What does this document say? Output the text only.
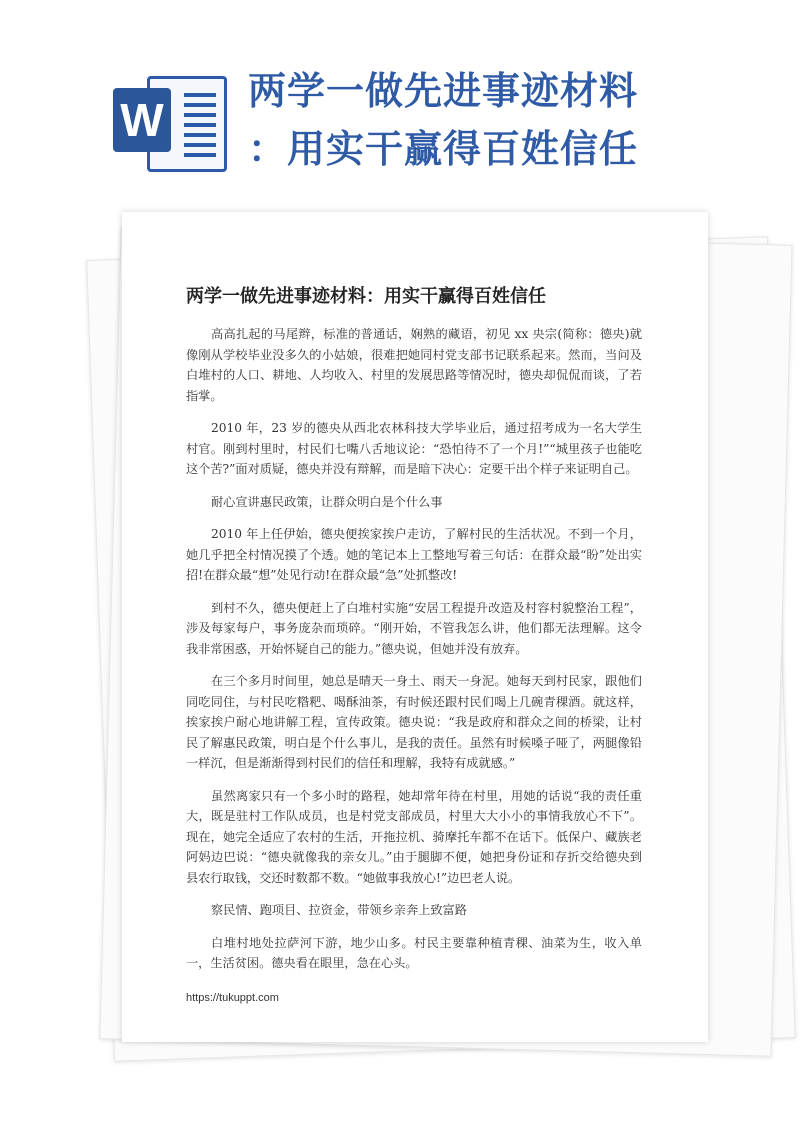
W
两学一做先进事迹材料
：用实干赢得百姓信任
两学一做先进事迹材料：用实干赢得百姓信任

高高扎起的马尾辫，标准的普通话，娴熟的藏语，初见 xx 央宗(简称：德央)就像刚从学校毕业没多久的小姑娘，很难把她同村党支部书记联系起来。然而，当问及白堆村的人口、耕地、人均收入、村里的发展思路等情况时，德央却侃侃而谈，了若指掌。

2010 年，23 岁的德央从西北农林科技大学毕业后，通过招考成为一名大学生村官。刚到村里时，村民们七嘴八舌地议论：“恐怕待不了一个月!”“城里孩子也能吃这个苦?”面对质疑，德央并没有辩解，而是暗下决心：定要干出个样子来证明自己。

耐心宣讲惠民政策，让群众明白是个什么事

2010 年上任伊始，德央便挨家挨户走访，了解村民的生活状况。不到一个月，她几乎把全村情况摸了个透。她的笔记本上工整地写着三句话：在群众最“盼”处出实招!在群众最“想”处见行动!在群众最“急”处抓整改!

到村不久，德央便赶上了白堆村实施“安居工程提升改造及村容村貌整治工程”，涉及每家每户，事务庞杂而琐碎。“刚开始，不管我怎么讲，他们都无法理解。这令我非常困惑，开始怀疑自己的能力。”德央说，但她并没有放弃。

在三个多月时间里，她总是晴天一身土、雨天一身泥。她每天到村民家，跟他们同吃同住，与村民吃糌粑、喝酥油茶，有时候还跟村民们喝上几碗青稞酒。就这样，挨家挨户耐心地讲解工程，宣传政策。德央说：“我是政府和群众之间的桥梁，让村民了解惠民政策，明白是个什么事儿，是我的责任。虽然有时候嗓子哑了，两腿像铅一样沉，但是渐渐得到村民们的信任和理解，我特有成就感。”

虽然离家只有一个多小时的路程，她却常年待在村里，用她的话说“我的责任重大，既是驻村工作队成员，也是村党支部成员，村里大大小小的事情我放心不下”。现在，她完全适应了农村的生活，开拖拉机、骑摩托车都不在话下。低保户、藏族老阿妈边巴说：“德央就像我的亲女儿。”由于腿脚不便，她把身份证和存折交给德央到县农行取钱，交还时数都不数。“她做事我放心!”边巴老人说。

察民情、跑项目、拉资金，带领乡亲奔上致富路

白堆村地处拉萨河下游，地少山多。村民主要靠种植青稞、油菜为生，收入单一，生活贫困。德央看在眼里，急在心头。

https://tukuppt.com
